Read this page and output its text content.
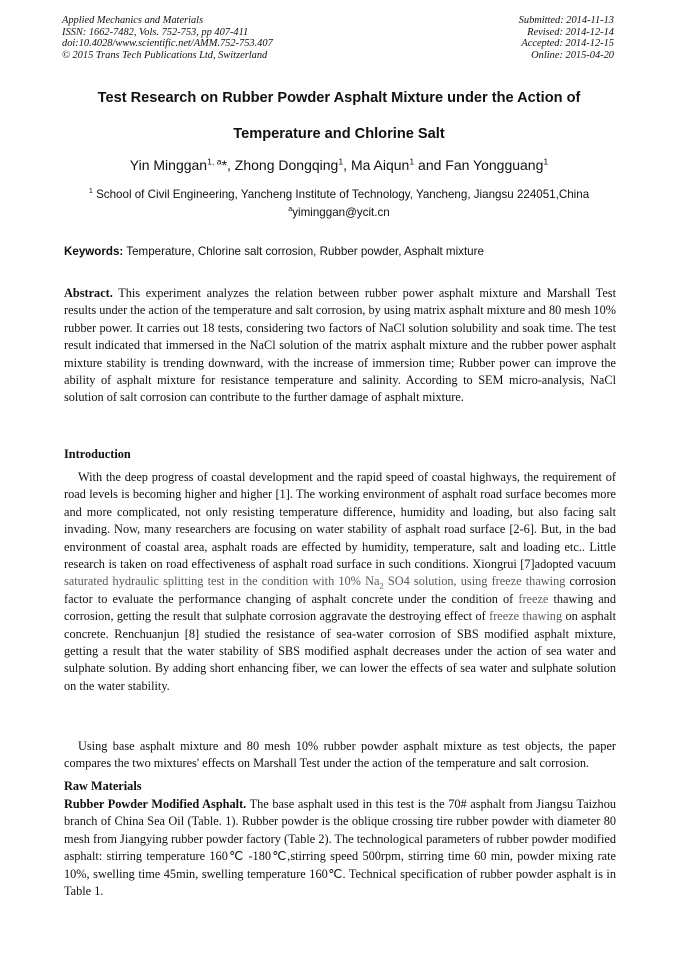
Applied Mechanics and Materials
ISSN: 1662-7482, Vols. 752-753, pp 407-411
doi:10.4028/www.scientific.net/AMM.752-753.407
© 2015 Trans Tech Publications Ltd, Switzerland
Submitted: 2014-11-13
Revised: 2014-12-14
Accepted: 2014-12-15
Online: 2015-04-20
Test Research on Rubber Powder Asphalt Mixture under the Action of
Temperature and Chlorine Salt
Yin Minggan$^{1, a}$*, Zhong Dongqing$^1$, Ma Aiqun$^1$ and Fan Yongguang$^1$
$^1$ School of Civil Engineering, Yancheng Institute of Technology, Yancheng, Jiangsu 224051,China
$^a$yiminggan@ycit.cn
Keywords: Temperature, Chlorine salt corrosion, Rubber powder, Asphalt mixture
Abstract. This experiment analyzes the relation between rubber power asphalt mixture and Marshall Test results under the action of the temperature and salt corrosion, by using matrix asphalt mixture and 80 mesh 10% rubber power. It carries out 18 tests, considering two factors of NaCl solution solubility and soak time. The test result indicated that immersed in the NaCl solution of the matrix asphalt mixture and the rubber power asphalt mixture stability is trending downward, with the increase of immersion time; Rubber power can improve the ability of asphalt mixture for resistance temperature and salinity. According to SEM micro-analysis, NaCl solution of salt corrosion can contribute to the further damage of asphalt mixture.
Introduction
With the deep progress of coastal development and the rapid speed of coastal highways, the requirement of road levels is becoming higher and higher [1]. The working environment of asphalt road surface becomes more and more complicated, not only resisting temperature difference, humidity and loading, but also facing salt invading. Now, many researchers are focusing on water stability of asphalt road surface [2-6]. But, in the bad environment of coastal area, asphalt roads are effected by humidity, temperature, salt and loading etc.. Little research is taken on road effectiveness of asphalt road surface in such conditions. Xiongrui [7]adopted vacuum saturated hydraulic splitting test in the condition with 10% $Na_2$ SO4 solution, using freeze thawing corrosion factor to evaluate the performance changing of asphalt concrete under the condition of freeze thawing and corrosion, getting the result that sulphate corrosion aggravate the destroying effect of freeze thawing on asphalt concrete. Renchuanjun [8] studied the resistance of sea-water corrosion of SBS modified asphalt mixture, getting a result that the water stability of SBS modified asphalt decreases under the action of sea water and sulphate solution. By adding short enhancing fiber, we can lower the effects of sea water and sulphate solution on the water stability.
Using base asphalt mixture and 80 mesh 10% rubber powder asphalt mixture as test objects, the paper compares the two mixtures' effects on Marshall Test under the action of the temperature and salt corrosion.
Raw Materials
Rubber Powder Modified Asphalt. The base asphalt used in this test is the 70# asphalt from Jiangsu Taizhou branch of China Sea Oil (Table. 1). Rubber powder is the oblique crossing tire rubber powder with diameter 80 mesh from Jiangying rubber powder factory (Table 2). The technological parameters of rubber powder modified asphalt: stirring temperature 160℃ -180℃,stirring speed 500rpm, stirring time 60 min, powder mixing rate 10%, swelling time 45min, swelling temperature 160℃. Technical specification of rubber powder asphalt is in Table 1.
